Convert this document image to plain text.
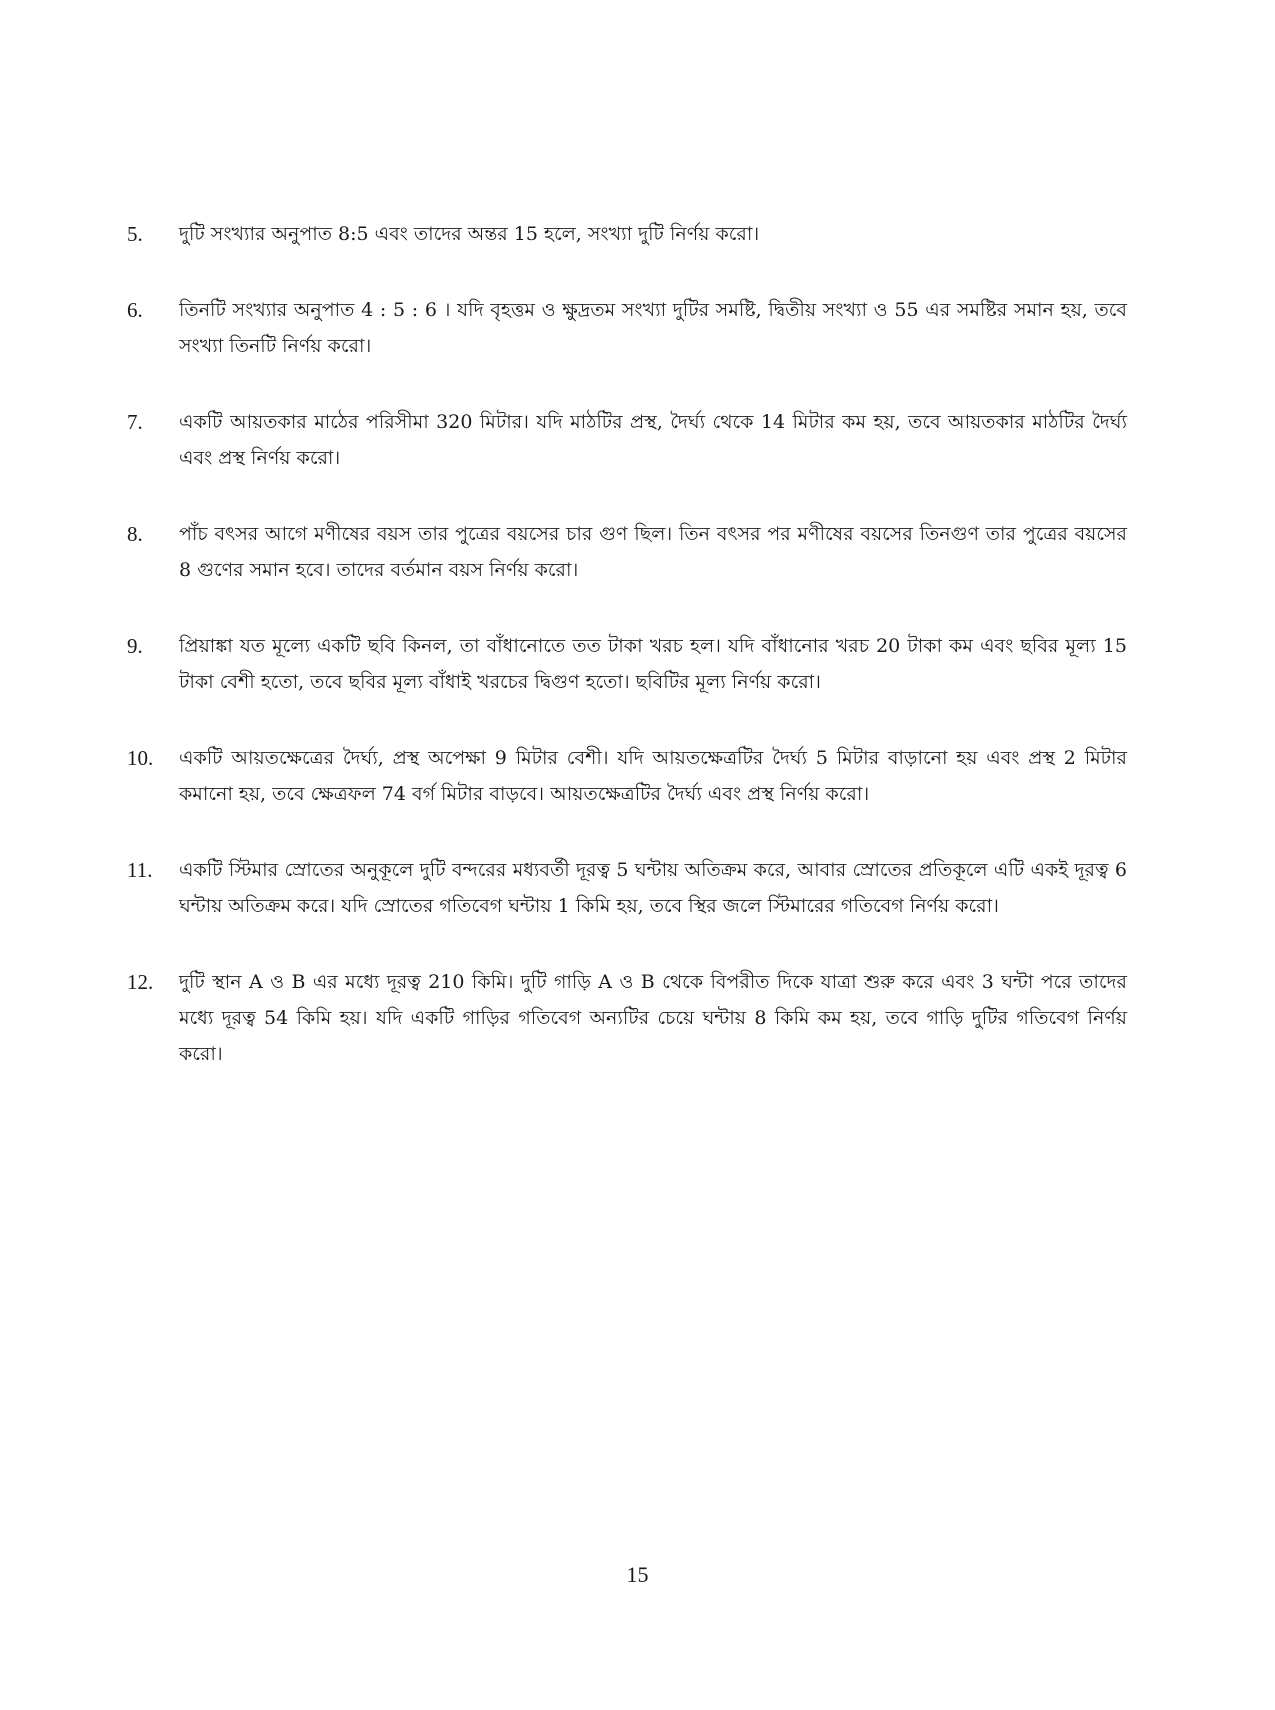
5.	দুটি সংখ্যার অনুপাত 8:5 এবং তাদের অন্তর 15 হলে, সংখ্যা দুটি নির্ণয় করো।
6.	তিনটি সংখ্যার অনুপাত 4 : 5 : 6 । যদি বৃহত্তম ও ক্ষুদ্রতম সংখ্যা দুটির সমষ্টি, দ্বিতীয় সংখ্যা ও 55 এর সমষ্টির সমান হয়, তবে সংখ্যা তিনটি নির্ণয় করো।
7.	একটি আয়তকার মাঠের পরিসীমা 320 মিটার। যদি মাঠটির প্রস্থ, দৈর্ঘ্য থেকে 14 মিটার কম হয়, তবে আয়তকার মাঠটির দৈর্ঘ্য এবং প্রস্থ নির্ণয় করো।
8.	পাঁচ বৎসর আগে মণীষের বয়স তার পুত্রের বয়সের চার গুণ ছিল। তিন বৎসর পর মণীষের বয়সের তিনগুণ তার পুত্রের বয়সের 8 গুণের সমান হবে। তাদের বর্তমান বয়স নির্ণয় করো।
9.	প্রিয়াঙ্কা যত মূল্যে একটি ছবি কিনল, তা বাঁধানোতে তত টাকা খরচ হল। যদি বাঁধানোর খরচ 20 টাকা কম এবং ছবির মূল্য 15 টাকা বেশী হতো, তবে ছবির মূল্য বাঁধাই খরচের দ্বিগুণ হতো। ছবিটির মূল্য নির্ণয় করো।
10.	একটি আয়তক্ষেত্রের দৈর্ঘ্য, প্রস্থ অপেক্ষা 9 মিটার বেশী। যদি আয়তক্ষেত্রটির দৈর্ঘ্য 5 মিটার বাড়ানো হয় এবং প্রস্থ 2 মিটার কমানো হয়, তবে ক্ষেত্রফল 74 বর্গ মিটার বাড়বে। আয়তক্ষেত্রটির দৈর্ঘ্য এবং প্রস্থ নির্ণয় করো।
11.	একটি স্টিমার স্রোতের অনুকূলে দুটি বন্দরের মধ্যবর্তী দূরত্ব 5 ঘন্টায় অতিক্রম করে, আবার স্রোতের প্রতিকূলে এটি একই দূরত্ব 6 ঘন্টায় অতিক্রম করে। যদি স্রোতের গতিবেগ ঘন্টায় 1 কিমি হয়, তবে স্থির জলে স্টিমারের গতিবেগ নির্ণয় করো।
12.	দুটি স্থান A ও B এর মধ্যে দূরত্ব 210 কিমি। দুটি গাড়ি A ও B থেকে বিপরীত দিকে যাত্রা শুরু করে এবং 3 ঘন্টা পরে তাদের মধ্যে দূরত্ব 54 কিমি হয়। যদি একটি গাড়ির গতিবেগ অন্যটির চেয়ে ঘন্টায় 8 কিমি কম হয়, তবে গাড়ি দুটির গতিবেগ নির্ণয় করো।
15
